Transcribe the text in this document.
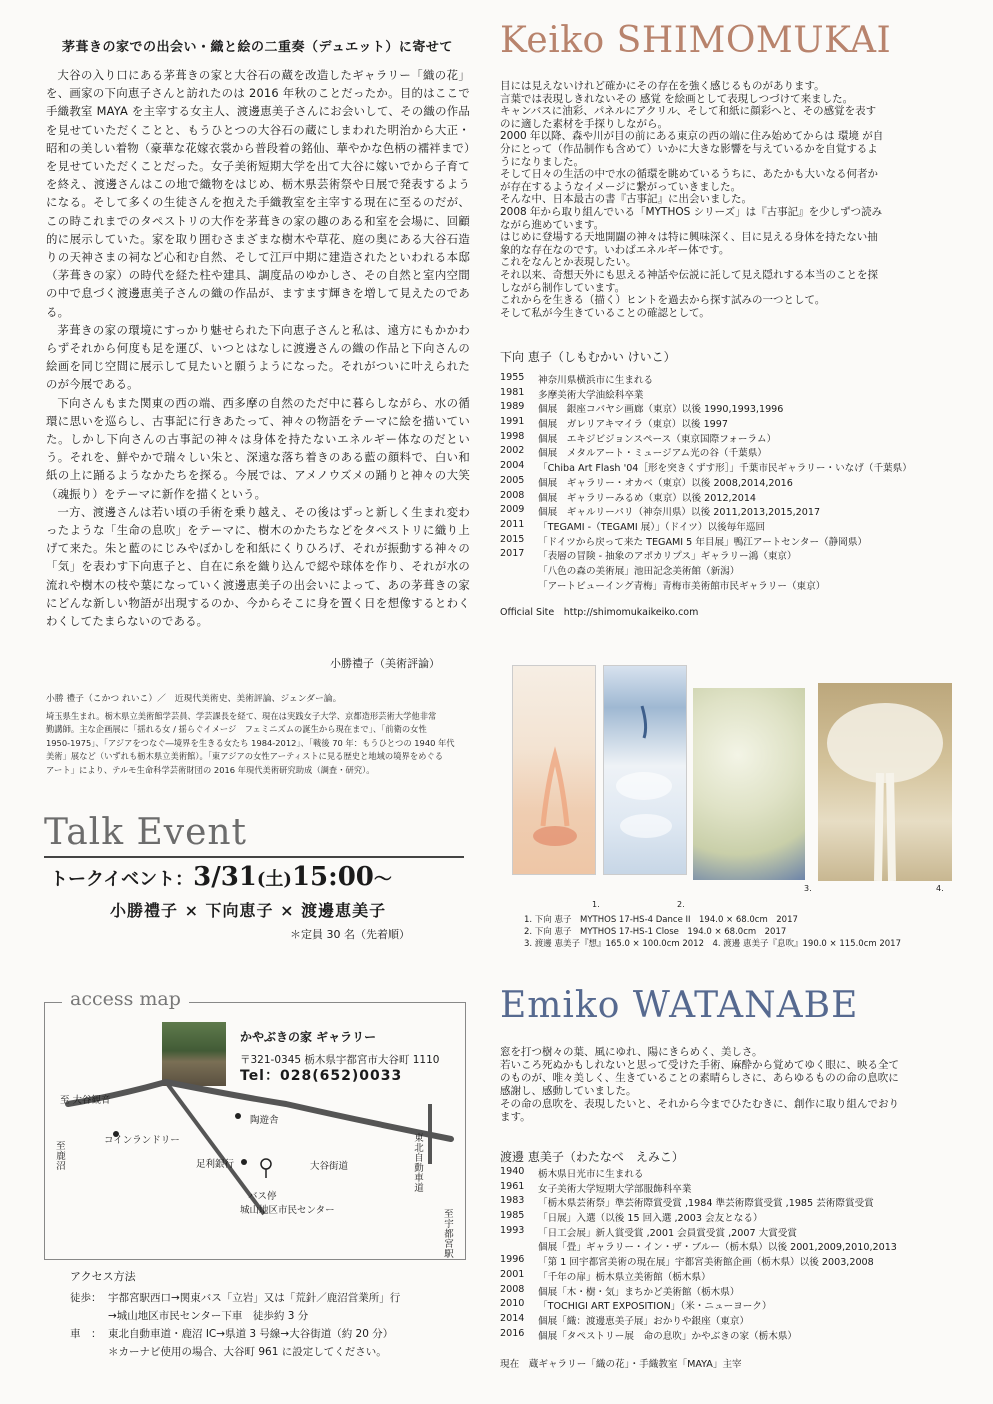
茅葺きの家での出会い・織と絵の二重奏（デュエット）に寄せて

大谷の入り口にある茅葺きの家と大谷石の蔵を改造したギャラリー「織の花」を、画家の下向恵子さんと訪れたのは 2016 年秋のことだったか。目的はここで手織教室 MAYA を主宰する女主人、渡邊恵美子さんにお会いして、その織の作品を見せていただくことと、もうひとつの大谷石の蔵にしまわれた明治から大正・昭和の美しい着物（豪華な花嫁衣裳から普段着の銘仙、華やかな色柄の襦袢まで）を見せていただくことだった。女子美術短期大学を出て大谷に嫁いでから子育てを終え、渡邊さんはこの地で織物をはじめ、栃木県芸術祭や日展で発表するようになる。そして多くの生徒さんを抱えた手織教室を主宰する現在に至るのだが、この時これまでのタペストリの大作を茅葺きの家の趣のある和室を会場に、回顧的に展示していた。家を取り囲むさまざまな樹木や草花、庭の奥にある大谷石造りの天神さまの祠など心和む自然、そして江戸中期に建造されたといわれる本邸（茅葺きの家）の時代を経た柱や建具、調度品のゆかしさ、その自然と室内空間の中で息づく渡邊恵美子さんの織の作品が、ますます輝きを増して見えたのである。

茅葺きの家の環境にすっかり魅せられた下向恵子さんと私は、遠方にもかかわらずそれから何度も足を運び、いつとはなしに渡邊さんの織の作品と下向さんの絵画を同じ空間に展示して見たいと願うようになった。それがついに叶えられたのが今展である。

下向さんもまた関東の西の端、西多摩の自然のただ中に暮らしながら、水の循環に思いを巡らし、古事記に行きあたって、神々の物語をテーマに絵を描いていた。しかし下向さんの古事記の神々は身体を持たないエネルギー体なのだという。それを、鮮やかで瑞々しい朱と、深遠な落ち着きのある藍の顔料で、白い和紙の上に踊るようなかたちを探る。今展では、アメノウズメの踊りと神々の大笑（魂振り）をテーマに新作を描くという。

一方、渡邊さんは若い頃の手術を乗り越え、その後はずっと新しく生まれ変わったような「生命の息吹」をテーマに、樹木のかたちなどをタペストリに織り上げて来た。朱と藍のにじみやぼかしを和紙にくりひろげ、それが振動する神々の「気」を表わす下向恵子と、自在に糸を織り込んで綛や球体を作り、それが水の流れや樹木の枝や葉になっていく渡邊恵美子の出会いによって、あの茅葺きの家にどんな新しい物語が出現するのか、今からそこに身を置く日を想像するとわくわくしてたまらないのである。

小勝禮子（美術評論）
小勝 禮子（こかつ れいこ）／　近現代美術史、美術評論、ジェンダー論。
埼玉県生まれ。栃木県立美術館学芸員、学芸課長を経て、現在は実践女子大学、京都造形芸術大学他非常
勤講師。主な企画展に「揺れる女 / 揺らぐイメージ　フェミニズムの誕生から現在まで」、「前衛の女性
1950-1975」、「アジアをつなぐ―境界を生きる女たち 1984-2012」、「戦後 70 年：もうひとつの 1940 年代
美術」展など（いずれも栃木県立美術館）。「東アジアの女性アーティストに見る歴史と地域の境界をめぐる
アート」により、テルモ生命科学芸術財団の 2016 年現代美術研究助成（調査・研究）。
Talk Event
トークイベント：3/31(土)15:00～
小勝禮子 × 下向恵子 × 渡邊恵美子
＊定員 30 名（先着順）
access map
かやぶきの家 ギャラリー
〒321-0345 栃木県宇都宮市大谷町 1110
Tel：028(652)0033
至 大谷観音
至
鹿沼
陶遊舎
コインランドリー
足利銀行	大谷街道
バス停
城山地区市民センター
東北自動車道
至
宇都宮駅
アクセス方法
徒歩： 宇都宮駅西口→関東バス「立岩」又は「荒針／鹿沼営業所」行
→城山地区市民センター下車　徒歩約 3 分
車　： 東北自動車道・鹿沼 IC→県道 3 号線→大谷街道（約 20 分）
＊カーナビ使用の場合、大谷町 961 に設定してください。
Keiko SHIMOMUKAI
目には見えないけれど確かにその存在を強く感じるものがあります。
言葉では表現しきれないその 感覚 を絵画として表現しつづけて来ました。
キャンバスに油彩、パネルにアクリル、そして和紙に顔彩へと、その感覚を表す
のに適した素材を手探りしながら。
2000 年以降、森や川が目の前にある東京の西の端に住み始めてからは 環境 が自
分にとって（作品制作も含めて）いかに大きな影響を与えているかを自覚するよ
うになりました。
そして日々の生活の中で水の循環を眺めているうちに、あたかも大いなる何者か
が存在するようなイメージに繋がっていきました。
そんな中、日本最古の書『古事記』に出会いました。
2008 年から取り組んでいる「MYTHOS シリーズ」は『古事記』を少しずつ読み
ながら進めています。
はじめに登場する天地開闢の神々は特に興味深く、目に見える身体を持たない抽
象的な存在なのです。いわばエネルギー体です。
これをなんとか表現したい。
それ以来、奇想天外にも思える神話や伝説に託して見え隠れする本当のことを探
しながら制作しています。
これからを生きる（描く）ヒントを過去から探す試みの一つとして。
そして私が今生きていることの確認として。
下向 恵子（しもむかい けいこ）
1955 神奈川県横浜市に生まれる
1981 多摩美術大学油絵科卒業
1989 個展　銀座コバヤシ画廊（東京）以後 1990,1993,1996
1991 個展　ガレリアキマイラ（東京）以後 1997
1998 個展　エキジビジョンスペース（東京国際フォーラム）
2002 個展　メタルアート・ミュージアム光の谷（千葉県）
2004 「Chiba Art Flash '04［形を突きくずす形］」千葉市民ギャラリー・いなげ（千葉県）
2005 個展　ギャラリー・オカベ（東京）以後 2008,2014,2016
2008 個展　ギャラリーみるめ（東京）以後 2012,2014
2009 個展　ギャルリーパリ（神奈川県）以後 2011,2013,2015,2017
2011 「TEGAMI -（TEGAMI 展）」（ドイツ）以後毎年巡回
2015 「ドイツから戻って来た TEGAMI 5 年目展」鴨江アートセンター（静岡県）
2017 「表層の冒険 - 抽象のアポカリプス」ギャラリー鴻（東京）
「八色の森の美術展」池田記念美術館（新潟）
「アートビューイング青梅」青梅市美術館市民ギャラリー（東京）
Official Site　http://shimomukaikeiko.com
1.	2.
3.	4.
1. 下向 恵子　MYTHOS 17-HS-4 Dance II　194.0 × 68.0cm　2017
2. 下向 恵子　MYTHOS 17-HS-1 Close　194.0 × 68.0cm　2017
3. 渡邊 恵美子『想』165.0 × 100.0cm 2012　4. 渡邊 恵美子『息吹』190.0 × 115.0cm 2017
Emiko WATANABE
窓を打つ樹々の葉、風にゆれ、陽にきらめく、美しさ。
若いころ死ぬかもしれないと思って受けた手術、麻酔から覚めてゆく眼に、映る全て
のものが、唯々美しく、生きていることの素晴らしさに、あらゆるものの命の息吹に
感謝し、感動していました。
その命の息吹を、表現したいと、それから今までひたむきに、創作に取り組んでおり
ます。
渡邊 恵美子（わたなべ　えみこ）
1940 栃木県日光市に生まれる
1961 女子美術大学短期大学部服飾科卒業
1983 「栃木県芸術祭」準芸術際賞受賞 ,1984 準芸術際賞受賞 ,1985 芸術際賞受賞
1985 「日展」入選（以後 15 回入選 ,2003 会友となる）
1993 「日工会展」新人賞受賞 ,2001 会員賞受賞 ,2007 大賞受賞
個展「畳」ギャラリー・イン・ザ・ブルー（栃木県）以後 2001,2009,2010,2013
1996 「第 1 回宇都宮美術の現在展」宇都宮美術館企画（栃木県）以後 2003,2008
2001 「千年の扉」栃木県立美術館（栃木県）
2008 個展「木・樹・気」まちかど美術館（栃木県）
2010 「TOCHIGI ART EXPOSITION」（米・ニューヨーク）
2014 個展「織：渡邊恵美子展」おかりや銀座（東京）
2016 個展「タペストリー展　命の息吹」かやぶきの家（栃木県）
現在　蔵ギャラリー「織の花」・手織教室「MAYA」主宰
